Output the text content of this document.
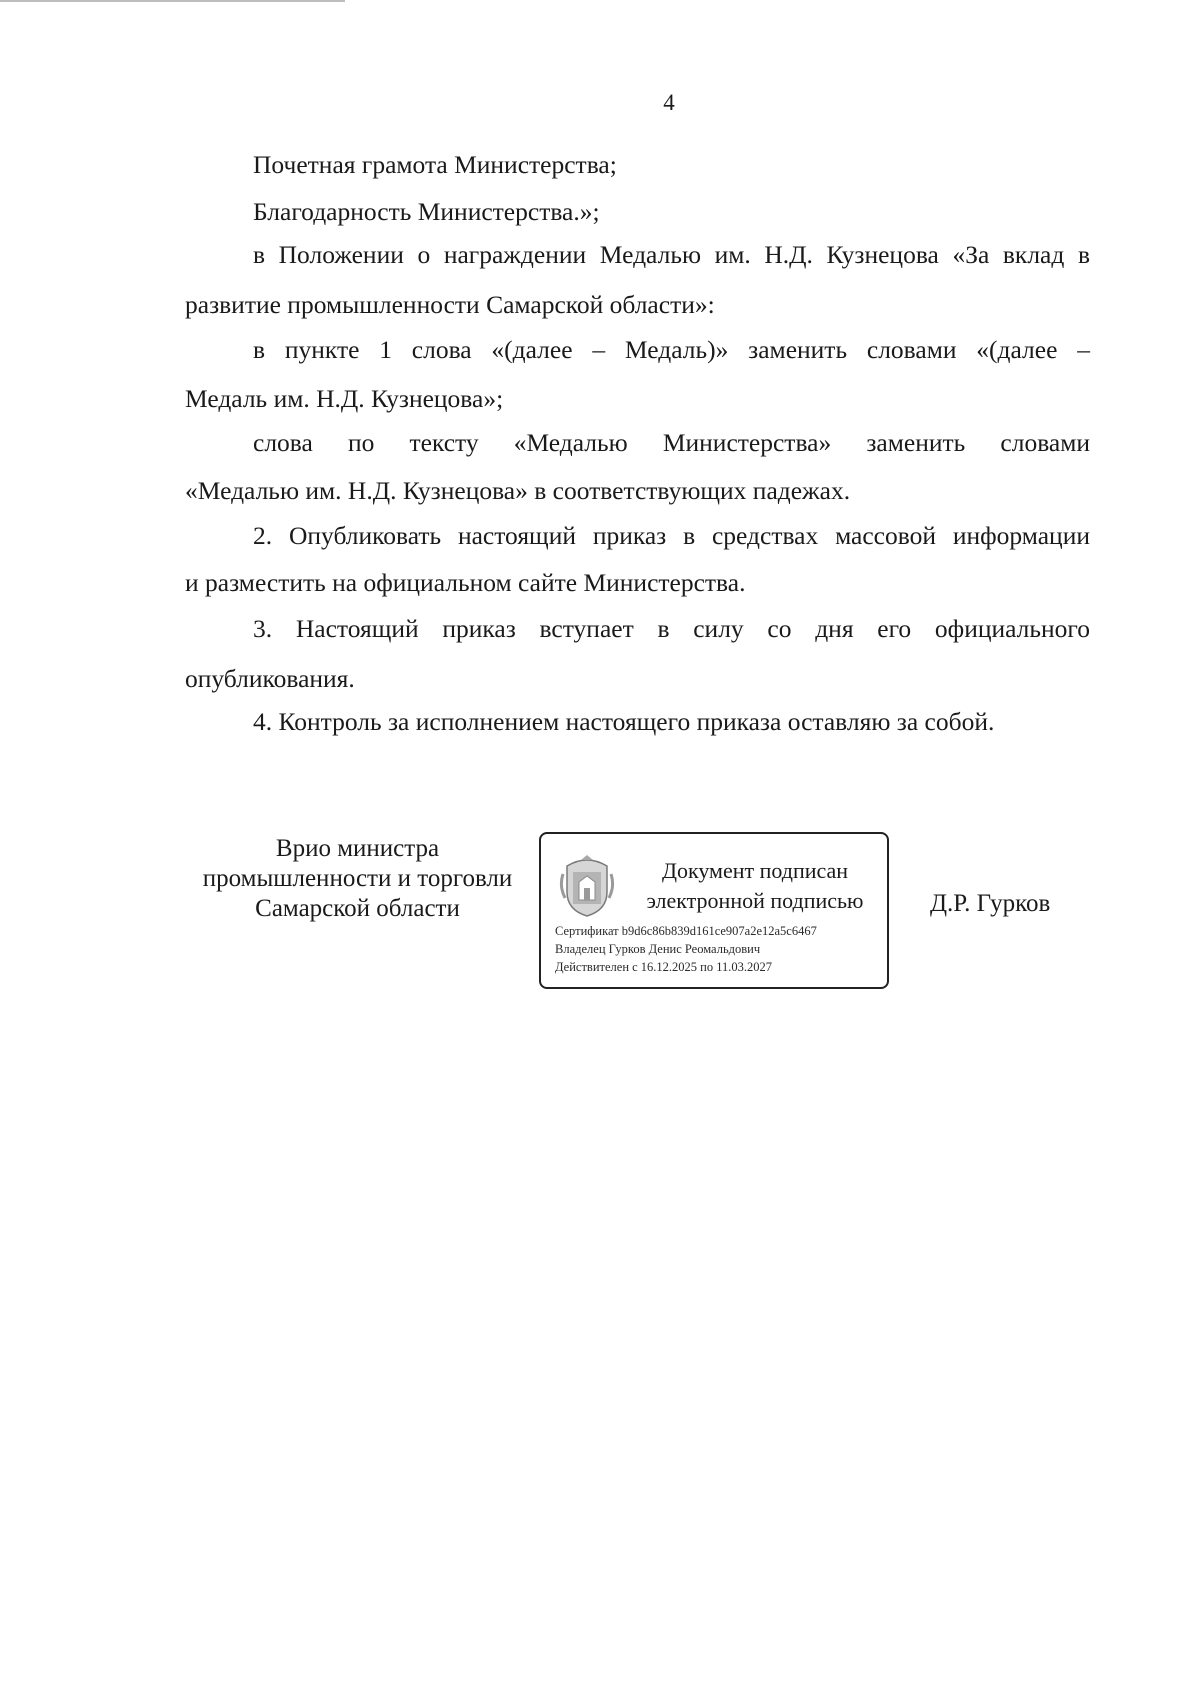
4

Почетная грамота Министерства;

Благодарность Министерства.»;

в Положении о награждении Медалью им. Н.Д. Кузнецова «За вклад в

развитие промышленности Самарской области»:

в пункте 1 слова «(далее – Медаль)» заменить словами «(далее –

Медаль им. Н.Д. Кузнецова»;

слова по тексту «Медалью Министерства» заменить словами

«Медалью им. Н.Д. Кузнецова» в соответствующих падежах.

2. Опубликовать настоящий приказ в средствах массовой информации

и разместить на официальном сайте Министерства.

3. Настоящий приказ вступает в силу со дня его официального

опубликования.

4. Контроль за исполнением настоящего приказа оставляю за собой.

Врио министра
промышленности и торговли
Самарской области
Документ подписан
электронной подписью
Сертификат b9d6c86b839d161ce907a2e12a5c6467
Владелец Гурков Денис Реомальдович
Действителен с 16.12.2025 по 11.03.2027
Д.Р. Гурков
